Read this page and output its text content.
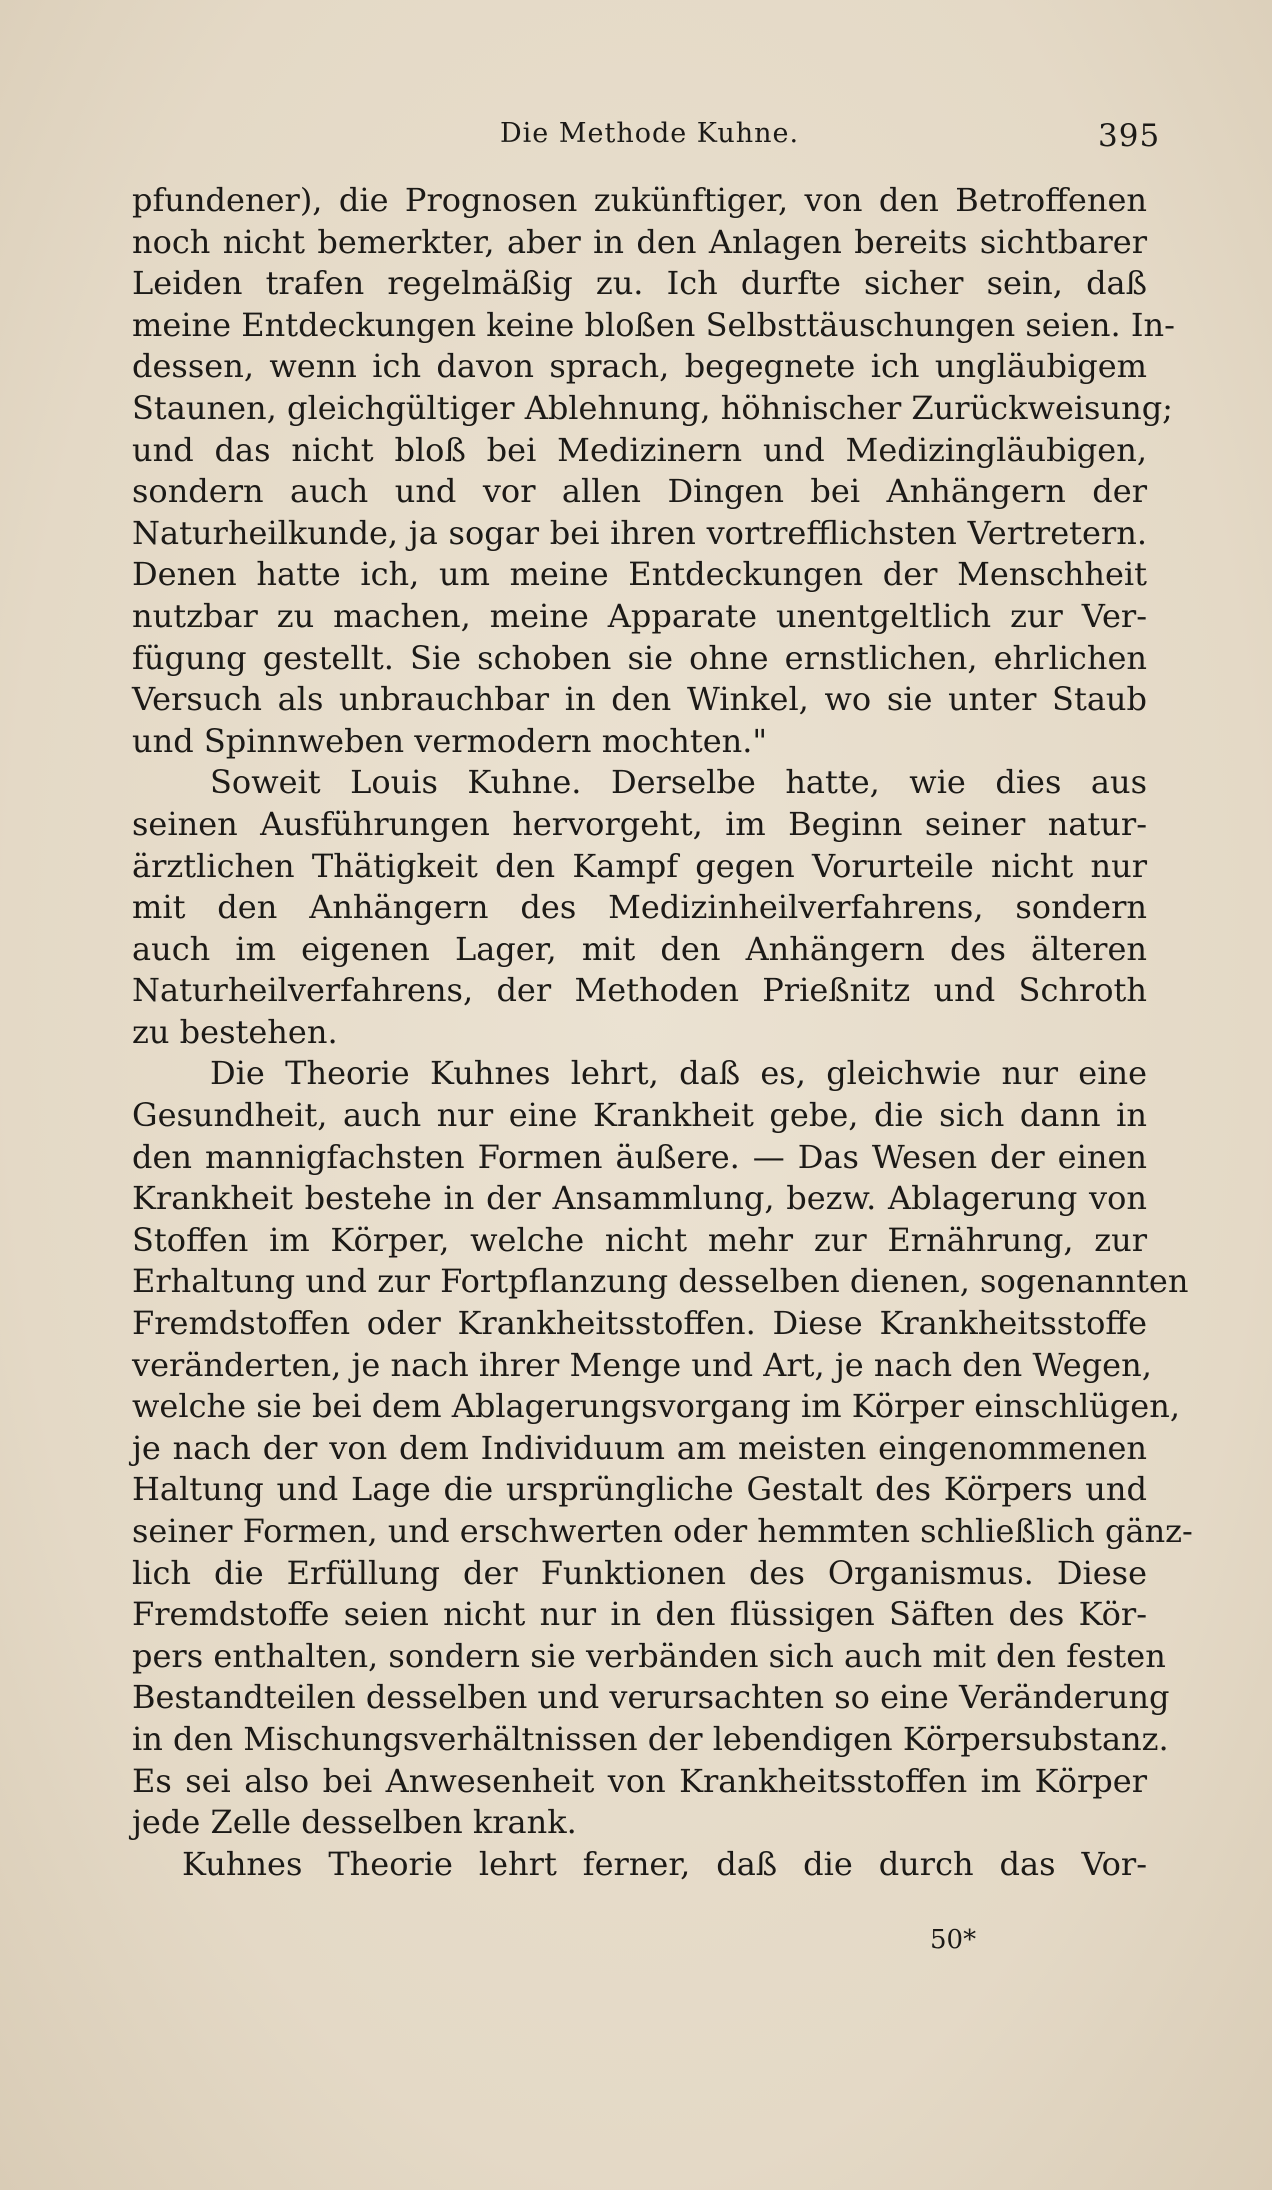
Die Methode Kuhne.	395
pfundener), die Prognosen zukünftiger, von den Betroffenen
noch nicht bemerkter, aber in den Anlagen bereits sichtbarer
Leiden trafen regelmäßig zu. Ich durfte sicher sein, daß
meine Entdeckungen keine bloßen Selbsttäuschungen seien. In-
dessen, wenn ich davon sprach, begegnete ich ungläubigem
Staunen, gleichgültiger Ablehnung, höhnischer Zurückweisung;
und das nicht bloß bei Medizinern und Medizingläubigen,
sondern auch und vor allen Dingen bei Anhängern der
Naturheilkunde, ja sogar bei ihren vortrefflichsten Vertretern.
Denen hatte ich, um meine Entdeckungen der Menschheit
nutzbar zu machen, meine Apparate unentgeltlich zur Ver-
fügung gestellt. Sie schoben sie ohne ernstlichen, ehrlichen
Versuch als unbrauchbar in den Winkel, wo sie unter Staub
und Spinnweben vermodern mochten."
Soweit Louis Kuhne. Derselbe hatte, wie dies aus
seinen Ausführungen hervorgeht, im Beginn seiner natur-
ärztlichen Thätigkeit den Kampf gegen Vorurteile nicht nur
mit den Anhängern des Medizinheilverfahrens, sondern
auch im eigenen Lager, mit den Anhängern des älteren
Naturheilverfahrens, der Methoden Prießnitz und Schroth
zu bestehen.
Die Theorie Kuhnes lehrt, daß es, gleichwie nur eine
Gesundheit, auch nur eine Krankheit gebe, die sich dann in
den mannigfachsten Formen äußere. — Das Wesen der einen
Krankheit bestehe in der Ansammlung, bezw. Ablagerung von
Stoffen im Körper, welche nicht mehr zur Ernährung, zur
Erhaltung und zur Fortpflanzung desselben dienen, sogenannten
Fremdstoffen oder Krankheitsstoffen. Diese Krankheitsstoffe
veränderten, je nach ihrer Menge und Art, je nach den Wegen,
welche sie bei dem Ablagerungsvorgang im Körper einschlügen,
je nach der von dem Individuum am meisten eingenommenen
Haltung und Lage die ursprüngliche Gestalt des Körpers und
seiner Formen, und erschwerten oder hemmten schließlich gänz-
lich die Erfüllung der Funktionen des Organismus. Diese
Fremdstoffe seien nicht nur in den flüssigen Säften des Kör-
pers enthalten, sondern sie verbänden sich auch mit den festen
Bestandteilen desselben und verursachten so eine Veränderung
in den Mischungsverhältnissen der lebendigen Körpersubstanz.
Es sei also bei Anwesenheit von Krankheitsstoffen im Körper
jede Zelle desselben krank.
Kuhnes Theorie lehrt ferner, daß die durch das Vor-
50*
